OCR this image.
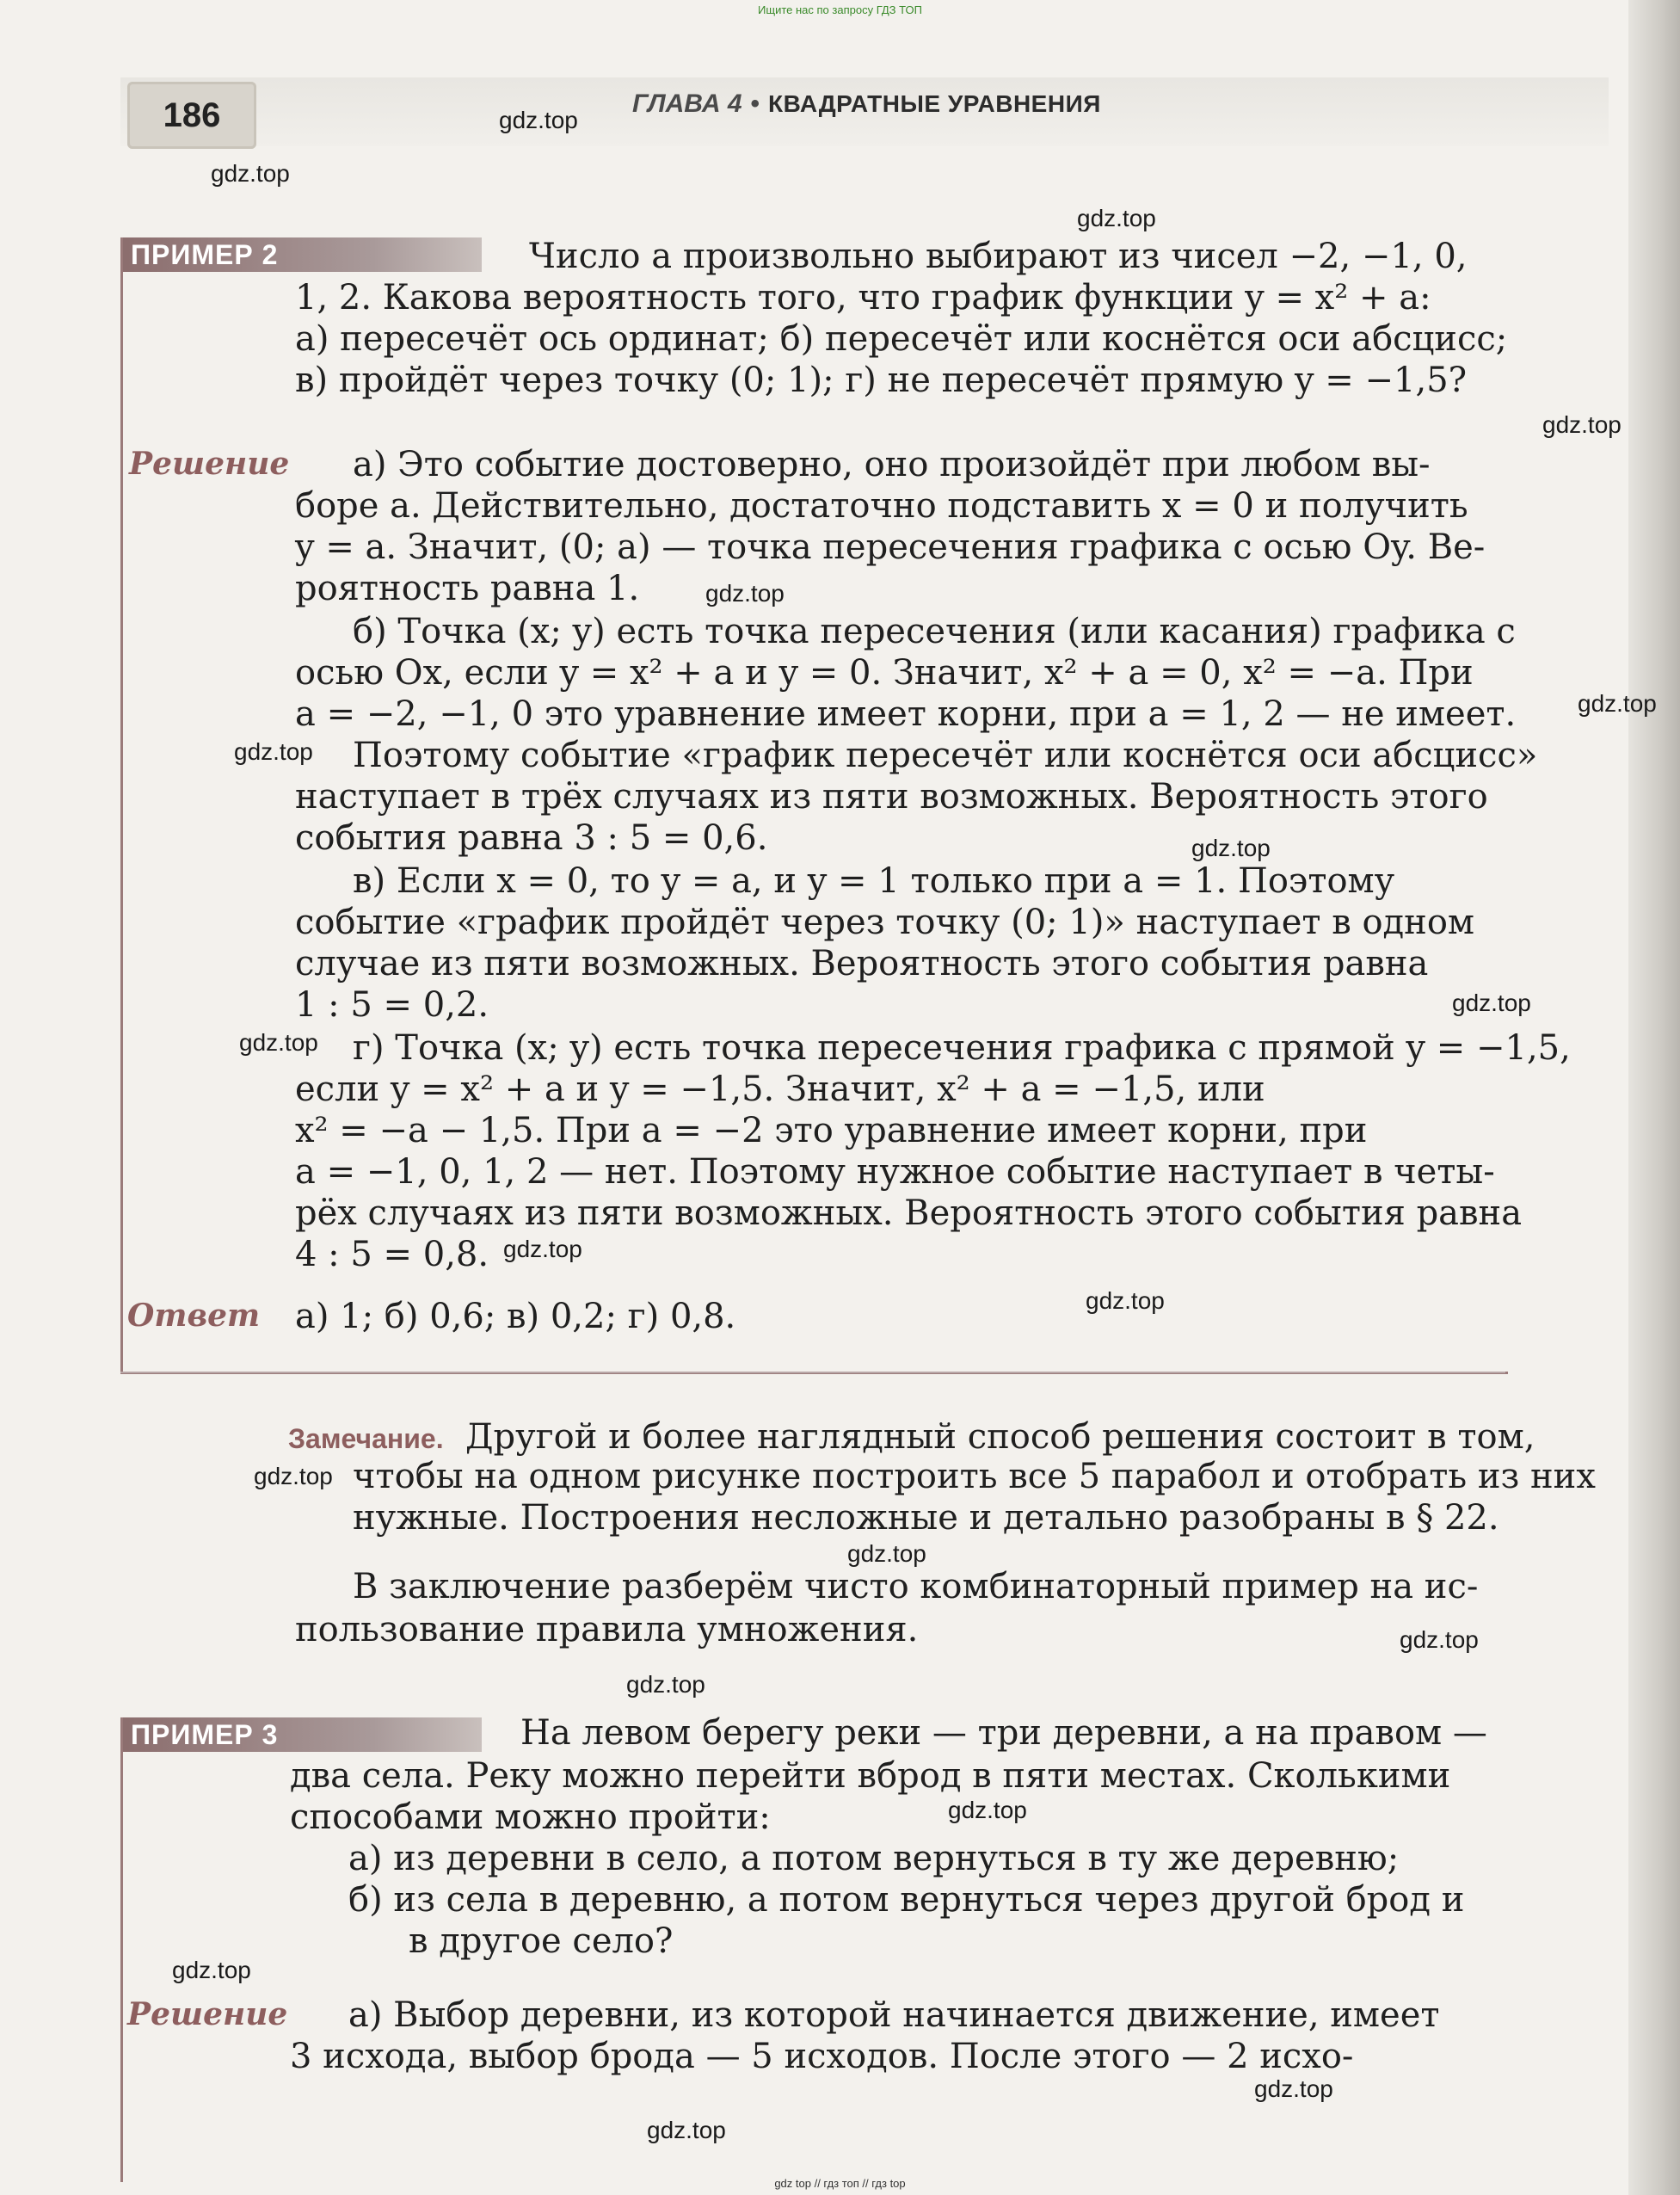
Ищите нас по запросу ГДЗ ТОП
186	ГЛАВА 4 • КВАДРАТНЫЕ УРАВНЕНИЯ
ПРИМЕР 2	Число a произвольно выбирают из чисел −2, −1, 0,
1, 2. Какова вероятность того, что график функции y = x² + a:
а) пересечёт ось ординат; б) пересечёт или коснётся оси абсцисс;
в) пройдёт через точку (0; 1); г) не пересечёт прямую y = −1,5?
Решение а) Это событие достоверно, оно произойдёт при любом вы-
боре a. Действительно, достаточно подставить x = 0 и получить
y = a. Значит, (0; a) — точка пересечения графика с осью Oy. Ве-
роятность равна 1.
б) Точка (x; y) есть точка пересечения (или касания) графика с
осью Ox, если y = x² + a и y = 0. Значит, x² + a = 0, x² = −a. При
a = −2, −1, 0 это уравнение имеет корни, при a = 1, 2 — не имеет.
Поэтому событие «график пересечёт или коснётся оси абсцисс»
наступает в трёх случаях из пяти возможных. Вероятность этого
события равна 3 : 5 = 0,6.
в) Если x = 0, то y = a, и y = 1 только при a = 1. Поэтому
событие «график пройдёт через точку (0; 1)» наступает в одном
случае из пяти возможных. Вероятность этого события равна
1 : 5 = 0,2.
г) Точка (x; y) есть точка пересечения графика с прямой y = −1,5,
если y = x² + a и y = −1,5. Значит, x² + a = −1,5, или
x² = −a − 1,5. При a = −2 это уравнение имеет корни, при
a = −1, 0, 1, 2 — нет. Поэтому нужное событие наступает в четы-
рёх случаях из пяти возможных. Вероятность этого события равна
4 : 5 = 0,8.
Ответ а) 1; б) 0,6; в) 0,2; г) 0,8.
Замечание. Другой и более наглядный способ решения состоит в том,
чтобы на одном рисунке построить все 5 парабол и отобрать из них
нужные. Построения несложные и детально разобраны в § 22.
В заключение разберём чисто комбинаторный пример на ис-
пользование правила умножения.
ПРИМЕР 3	На левом берегу реки — три деревни, а на правом —
два села. Реку можно перейти вброд в пяти местах. Сколькими
способами можно пройти:
а) из деревни в село, а потом вернуться в ту же деревню;
б) из села в деревню, а потом вернуться через другой брод и
в другое село?
Решение а) Выбор деревни, из которой начинается движение, имеет
3 исхода, выбор брода — 5 исходов. После этого — 2 исхо-
gdz.top
gdz.top
gdz.top
gdz.top
gdz.top
gdz.top
gdz.top
gdz.top
gdz.top
gdz.top
gdz.top
gdz.top
gdz.top
gdz.top
gdz.top
gdz.top
gdz.top
gdz.top
gdz.top
gdz.top
gdz top // гдз топ // гдз top
